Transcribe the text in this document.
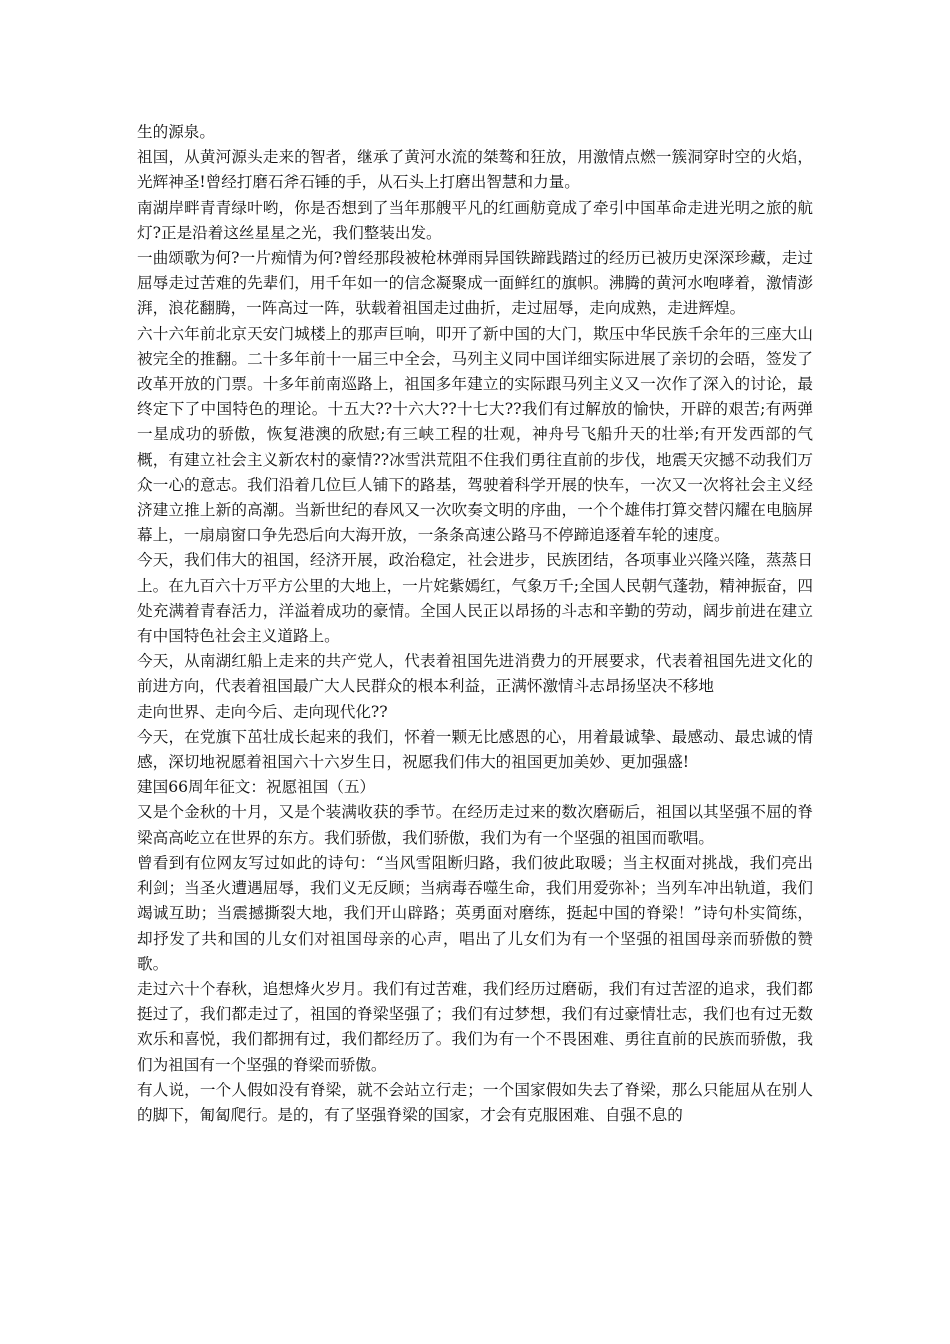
生的源泉。

祖国，从黄河源头走来的智者，继承了黄河水流的桀骜和狂放，用激情点燃一簇洞穿时空的火焰，光辉神圣!曾经打磨石斧石锤的手，从石头上打磨出智慧和力量。

南湖岸畔青青绿叶哟，你是否想到了当年那艘平凡的红画舫竟成了牵引中国革命走进光明之旅的航灯?正是沿着这丝星星之光，我们整装出发。

一曲颂歌为何?一片痴情为何?曾经那段被枪林弹雨异国铁蹄践踏过的经历已被历史深深珍藏，走过屈辱走过苦难的先辈们，用千年如一的信念凝聚成一面鲜红的旗帜。沸腾的黄河水咆哮着，激情澎湃，浪花翻腾，一阵高过一阵，驮载着祖国走过曲折，走过屈辱，走向成熟，走进辉煌。

六十六年前北京天安门城楼上的那声巨响，叩开了新中国的大门，欺压中华民族千余年的三座大山被完全的推翻。二十多年前十一届三中全会，马列主义同中国详细实际进展了亲切的会晤，签发了改革开放的门票。十多年前南巡路上，祖国多年建立的实际跟马列主义又一次作了深入的讨论，最终定下了中国特色的理论。十五大??十六大??十七大??我们有过解放的愉快，开辟的艰苦;有两弹一星成功的骄傲，恢复港澳的欣慰;有三峡工程的壮观，神舟号飞船升天的壮举;有开发西部的气概，有建立社会主义新农村的豪情??冰雪洪荒阻不住我们勇往直前的步伐，地震天灾撼不动我们万众一心的意志。我们沿着几位巨人铺下的路基，驾驶着科学开展的快车，一次又一次将社会主义经济建立推上新的高潮。当新世纪的春风又一次吹奏文明的序曲，一个个雄伟打算交替闪耀在电脑屏幕上，一扇扇窗口争先恐后向大海开放，一条条高速公路马不停蹄追逐着车轮的速度。

今天，我们伟大的祖国，经济开展，政治稳定，社会进步，民族团结，各项事业兴隆兴隆，蒸蒸日上。在九百六十万平方公里的大地上，一片姹紫嫣红，气象万千;全国人民朝气蓬勃，精神振奋，四处充满着青春活力，洋溢着成功的豪情。全国人民正以昂扬的斗志和辛勤的劳动，阔步前进在建立有中国特色社会主义道路上。

今天，从南湖红船上走来的共产党人，代表着祖国先进消费力的开展要求，代表着祖国先进文化的前进方向，代表着祖国最广大人民群众的根本利益，正满怀激情斗志昂扬坚决不移地

走向世界、走向今后、走向现代化??

今天，在党旗下茁壮成长起来的我们，怀着一颗无比感恩的心，用着最诚挚、最感动、最忠诚的情感，深切地祝愿着祖国六十六岁生日，祝愿我们伟大的祖国更加美妙、更加强盛!

建国66周年征文：祝愿祖国（五）

又是个金秋的十月，又是个装满收获的季节。在经历走过来的数次磨砺后，祖国以其坚强不屈的脊梁高高屹立在世界的东方。我们骄傲，我们骄傲，我们为有一个坚强的祖国而歌唱。

曾看到有位网友写过如此的诗句：“当风雪阻断归路，我们彼此取暖；当主权面对挑战，我们亮出利剑；当圣火遭遇屈辱，我们义无反顾；当病毒吞噬生命，我们用爱弥补；当列车冲出轨道，我们竭诚互助；当震撼撕裂大地，我们开山辟路；英勇面对磨练，挺起中国的脊梁！”诗句朴实简练，却抒发了共和国的儿女们对祖国母亲的心声，唱出了儿女们为有一个坚强的祖国母亲而骄傲的赞歌。

走过六十个春秋，追想烽火岁月。我们有过苦难，我们经历过磨砺，我们有过苦涩的追求，我们都挺过了，我们都走过了，祖国的脊梁坚强了；我们有过梦想，我们有过豪情壮志，我们也有过无数欢乐和喜悦，我们都拥有过，我们都经历了。我们为有一个不畏困难、勇往直前的民族而骄傲，我们为祖国有一个坚强的脊梁而骄傲。

有人说，一个人假如没有脊梁，就不会站立行走；一个国家假如失去了脊梁，那么只能屈从在别人的脚下，匍匐爬行。是的，有了坚强脊梁的国家，才会有克服困难、自强不息的
